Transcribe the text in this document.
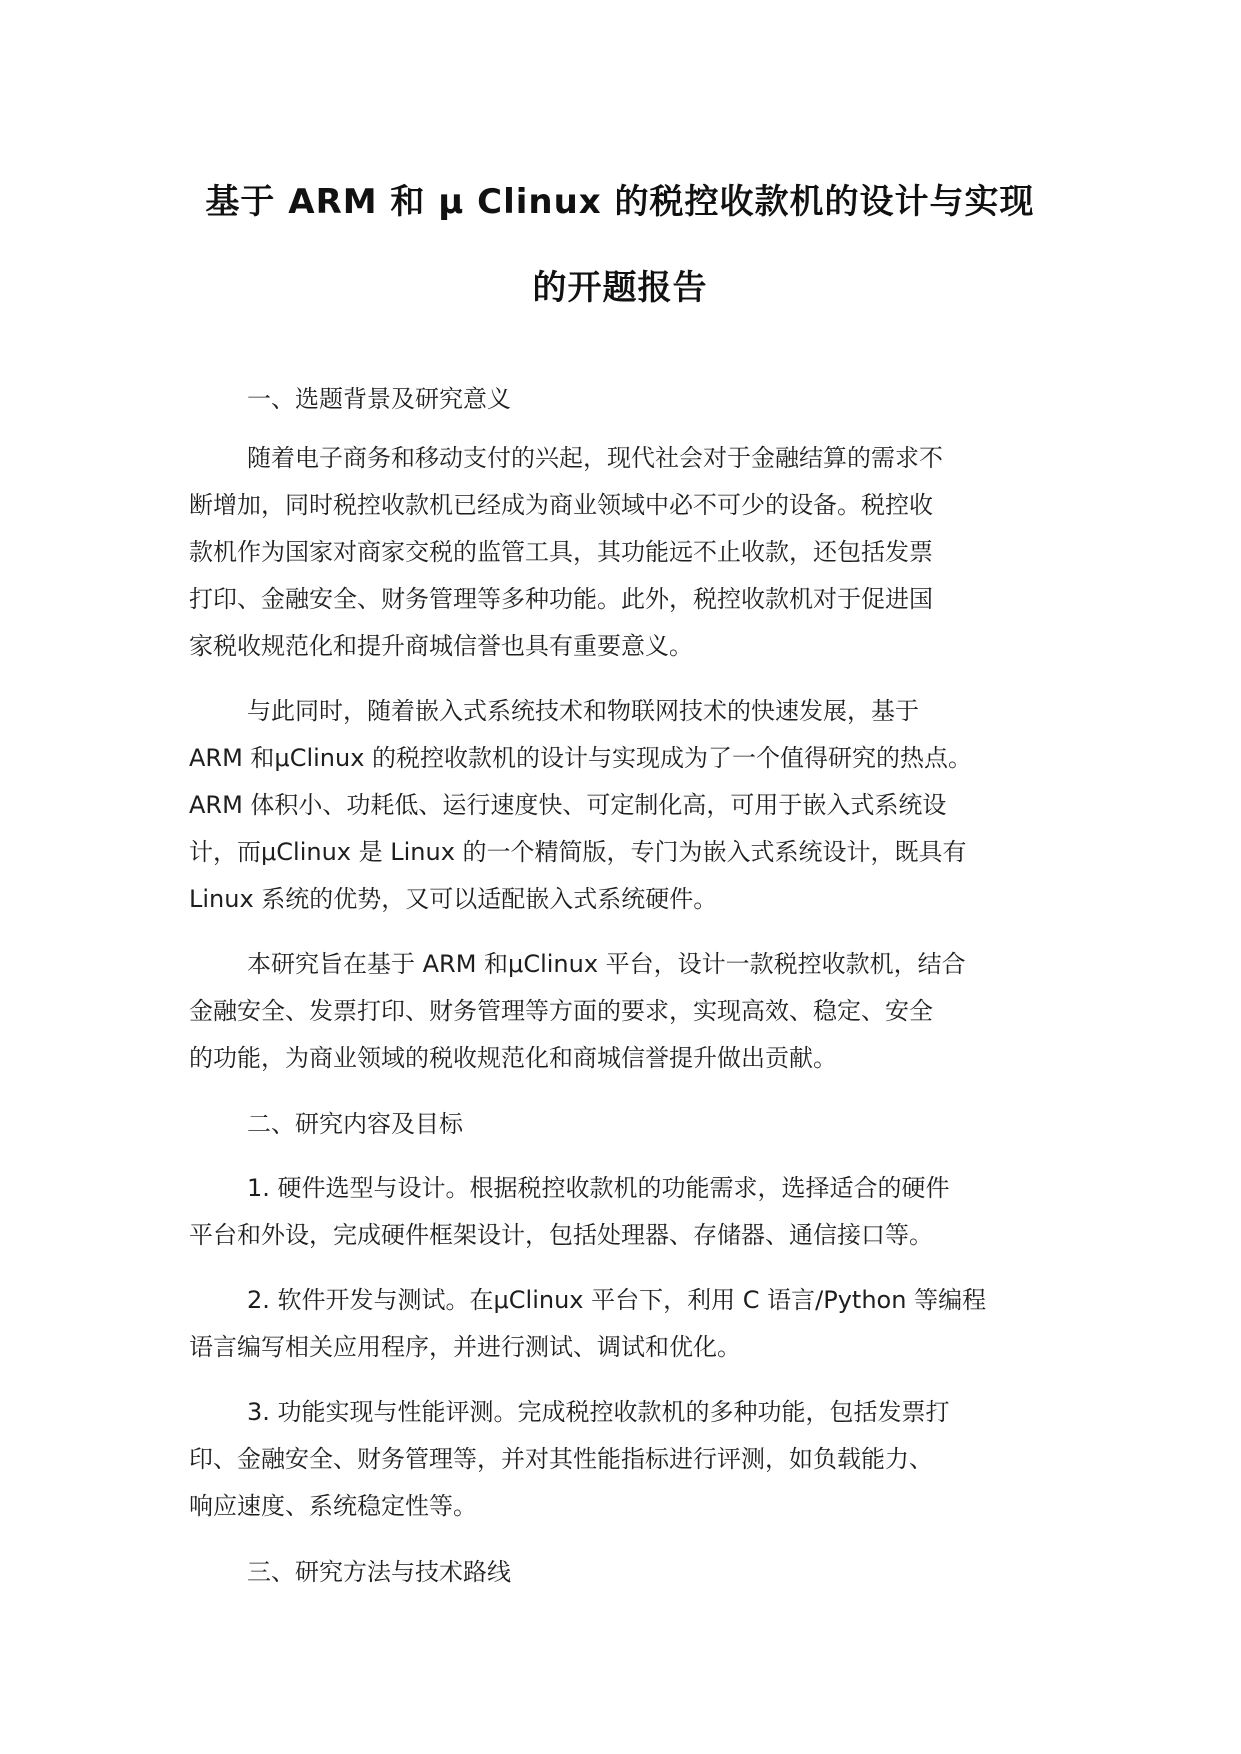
基于 ARM 和 μ Clinux 的税控收款机的设计与实现
的开题报告
一、选题背景及研究意义
随着电子商务和移动支付的兴起，现代社会对于金融结算的需求不
断增加，同时税控收款机已经成为商业领域中必不可少的设备。税控收
款机作为国家对商家交税的监管工具，其功能远不止收款，还包括发票
打印、金融安全、财务管理等多种功能。此外，税控收款机对于促进国
家税收规范化和提升商城信誉也具有重要意义。
与此同时，随着嵌入式系统技术和物联网技术的快速发展，基于
ARM 和μClinux 的税控收款机的设计与实现成为了一个值得研究的热点。
ARM 体积小、功耗低、运行速度快、可定制化高，可用于嵌入式系统设
计，而μClinux 是 Linux 的一个精简版，专门为嵌入式系统设计，既具有
Linux 系统的优势，又可以适配嵌入式系统硬件。
本研究旨在基于 ARM 和μClinux 平台，设计一款税控收款机，结合
金融安全、发票打印、财务管理等方面的要求，实现高效、稳定、安全
的功能，为商业领域的税收规范化和商城信誉提升做出贡献。
二、研究内容及目标
1. 硬件选型与设计。根据税控收款机的功能需求，选择适合的硬件
平台和外设，完成硬件框架设计，包括处理器、存储器、通信接口等。
2. 软件开发与测试。在μClinux 平台下，利用 C 语言/Python 等编程
语言编写相关应用程序，并进行测试、调试和优化。
3. 功能实现与性能评测。完成税控收款机的多种功能，包括发票打
印、金融安全、财务管理等，并对其性能指标进行评测，如负载能力、
响应速度、系统稳定性等。
三、研究方法与技术路线
